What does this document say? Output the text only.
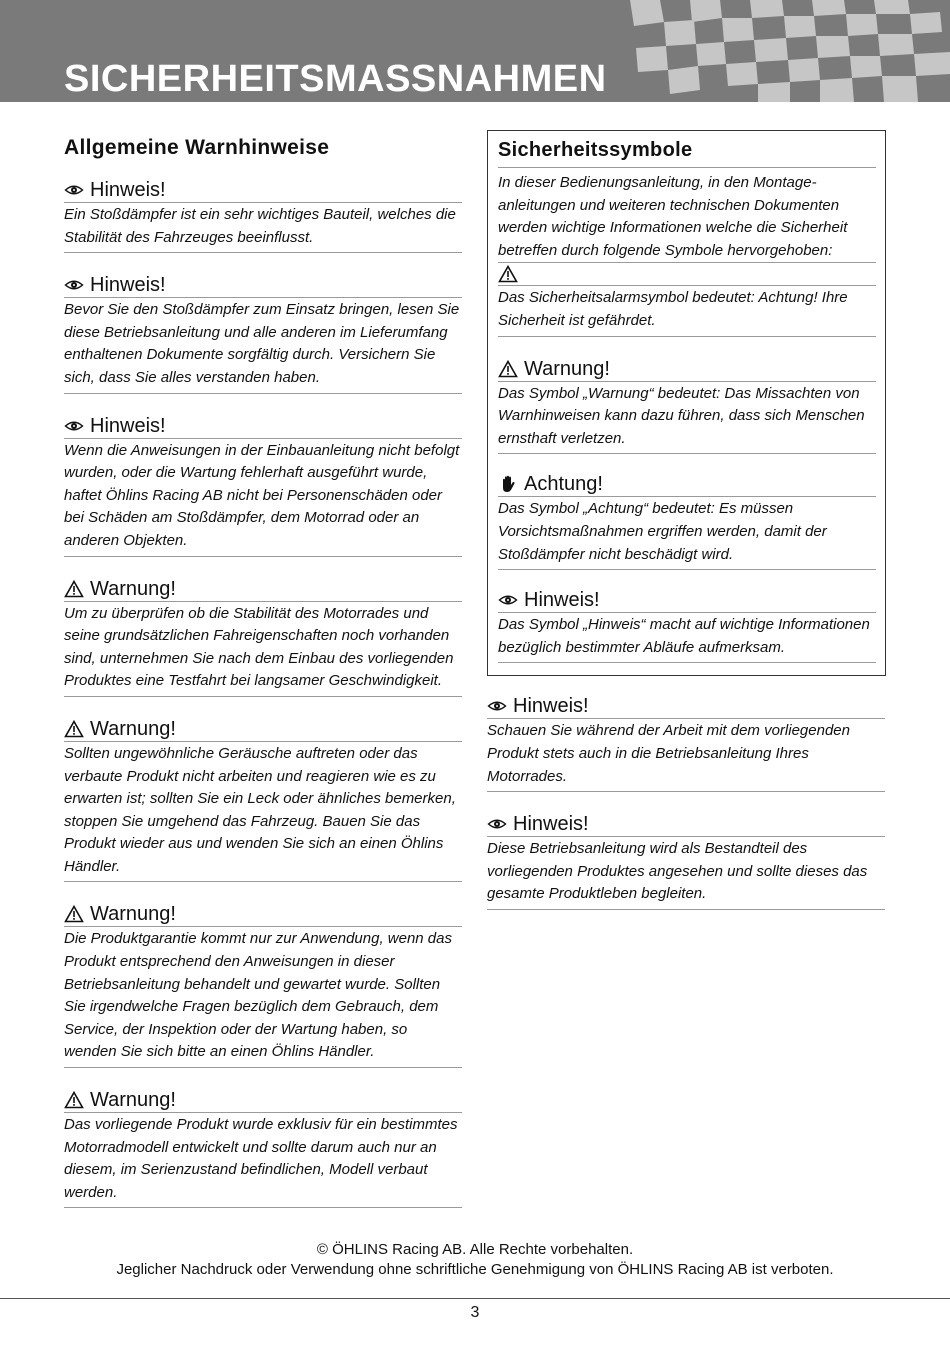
SICHERHEITSMASSNAHMEN
Allgemeine Warnhinweise
Hinweis!
Ein Stoßdämpfer ist ein sehr wichtiges Bauteil, welches die Stabilität des Fahrzeuges beeinflusst.
Hinweis!
Bevor Sie den Stoßdämpfer zum Einsatz bringen, lesen Sie diese Betriebsanleitung und alle anderen im Lieferumfang enthaltenen Dokumente sorgfältig durch. Versichern Sie sich, dass Sie alles verstanden haben.
Hinweis!
Wenn die Anweisungen in der Einbauanleitung nicht befolgt wurden, oder die Wartung fehlerhaft ausgeführt wurde, haftet Öhlins Racing AB nicht bei Personenschäden oder bei Schäden am Stoßdämpfer, dem Motorrad oder an anderen Objekten.
Warnung!
Um zu überprüfen ob die Stabilität des Motorrades und seine grundsätzlichen Fahreigenschaften noch vorhanden sind, unternehmen Sie nach dem Einbau des vorliegenden Produktes eine Testfahrt bei langsamer Geschwindigkeit.
Warnung!
Sollten ungewöhnliche Geräusche auftreten oder das verbaute Produkt nicht arbeiten und reagieren wie es zu erwarten ist; sollten Sie ein Leck oder ähnliches bemerken, stoppen Sie umgehend das Fahrzeug. Bauen Sie das Produkt wieder aus und wenden Sie sich an einen Öhlins Händler.
Warnung!
Die Produktgarantie kommt nur zur Anwendung, wenn das Produkt entsprechend den Anweisungen in dieser Betriebsanleitung behandelt und gewartet wurde. Sollten Sie irgendwelche Fragen bezüglich dem Gebrauch, dem Service, der Inspektion oder der Wartung haben, so wenden Sie sich bitte an einen Öhlins Händler.
Warnung!
Das vorliegende Produkt wurde exklusiv für ein bestimmtes Motorradmodell entwickelt und sollte darum auch nur an diesem, im Serienzustand befindlichen, Modell verbaut werden.
Sicherheitssymbole
In dieser Bedienungsanleitung, in den Montage-anleitungen und weiteren technischen Dokumenten werden wichtige Informationen welche die Sicherheit betreffen durch folgende Symbole hervorgehoben:
Das Sicherheitsalarmsymbol bedeutet: Achtung! Ihre Sicherheit ist gefährdet.
Warnung!
Das Symbol „Warnung“ bedeutet: Das Missachten von Warnhinweisen kann dazu führen, dass sich Menschen ernsthaft verletzen.
Achtung!
Das Symbol „Achtung“ bedeutet: Es müssen Vorsichtsmaßnahmen ergriffen werden, damit der Stoßdämpfer nicht beschädigt wird.
Hinweis!
Das Symbol „Hinweis“ macht auf wichtige Informationen bezüglich bestimmter Abläufe aufmerksam.
Hinweis!
Schauen Sie während der Arbeit mit dem vorliegenden Produkt stets auch in die Betriebsanleitung Ihres Motorrades.
Hinweis!
Diese Betriebsanleitung wird als Bestandteil des vorliegenden Produktes angesehen und sollte dieses das gesamte Produktleben begleiten.
© ÖHLINS Racing AB. Alle Rechte vorbehalten.
Jeglicher Nachdruck oder Verwendung ohne schriftliche Genehmigung von ÖHLINS Racing AB ist verboten.
3
